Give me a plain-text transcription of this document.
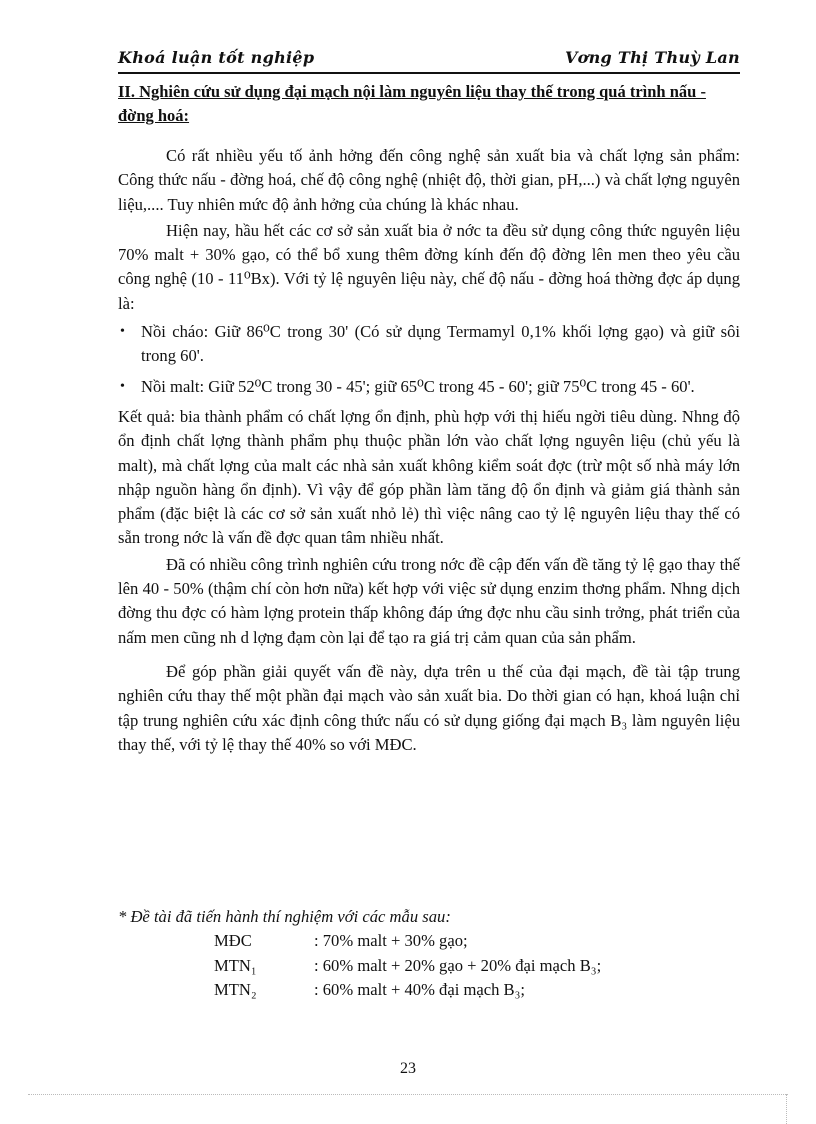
Khoá luận tốt nghiệp	Vơng Thị Thuỳ Lan
II. Nghiên cứu sử dụng đại mạch nội làm nguyên liệu thay thế trong quá trình nấu - đờng hoá:

Có rất nhiều yếu tố ảnh hởng đến công nghệ sản xuất bia và chất lợng sản phẩm: Công thức nấu - đờng hoá, chế độ công nghệ (nhiệt độ, thời gian, pH,...) và chất lợng nguyên liệu,.... Tuy nhiên mức độ ảnh hởng của chúng là khác nhau.

Hiện nay, hầu hết các cơ sở sản xuất bia ở nớc ta đều sử dụng công thức nguyên liệu 70% malt + 30% gạo, có thể bổ xung thêm đờng kính đến độ đờng lên men theo yêu cầu công nghệ (10 - 11⁰Bx). Với tỷ lệ nguyên liệu này, chế độ nấu - đờng hoá thờng đợc áp dụng là:

• Nồi cháo: Giữ 86⁰C trong 30' (Có sử dụng Termamyl 0,1% khối lợng gạo) và giữ sôi trong 60'.
• Nồi malt: Giữ 52⁰C trong 30 - 45'; giữ 65⁰C trong 45 - 60'; giữ 75⁰C trong 45 - 60'.

Kết quả: bia thành phẩm có chất lợng ổn định, phù hợp với thị hiếu ngời tiêu dùng. Nhng độ ổn định chất lợng thành phẩm phụ thuộc phần lớn vào chất lợng nguyên liệu (chủ yếu là malt), mà chất lợng của malt các nhà sản xuất không kiểm soát đợc (trừ một số nhà máy lớn nhập nguồn hàng ổn định). Vì vậy để góp phần làm tăng độ ổn định và giảm giá thành sản phẩm (đặc biệt là các cơ sở sản xuất nhỏ lẻ) thì việc nâng cao tỷ lệ nguyên liệu thay thế có sẵn trong nớc là vấn đề đợc quan tâm nhiều nhất.

Đã có nhiều công trình nghiên cứu trong nớc đề cập đến vấn đề tăng tỷ lệ gạo thay thế lên 40 - 50% (thậm chí còn hơn nữa) kết hợp với việc sử dụng enzim thơng phẩm. Nhng dịch đờng thu đợc có hàm lợng protein thấp không đáp ứng đợc nhu cầu sinh trởng, phát triển của nấm men cũng nh d lợng đạm còn lại để tạo ra giá trị cảm quan của sản phẩm.

Để góp phần giải quyết vấn đề này, dựa trên u thế của đại mạch, đề tài tập trung nghiên cứu thay thế một phần đại mạch vào sản xuất bia. Do thời gian có hạn, khoá luận chỉ tập trung nghiên cứu xác định công thức nấu có sử dụng giống đại mạch B₃ làm nguyên liệu thay thế, với tỷ lệ thay thế 40% so với MĐC.

* Đề tài đã tiến hành thí nghiệm với các mẫu sau:
MĐC	: 70% malt + 30% gạo;
MTN₁	: 60% malt + 20% gạo + 20% đại mạch B₃;
MTN₂	: 60% malt + 40% đại mạch B₃;
23
